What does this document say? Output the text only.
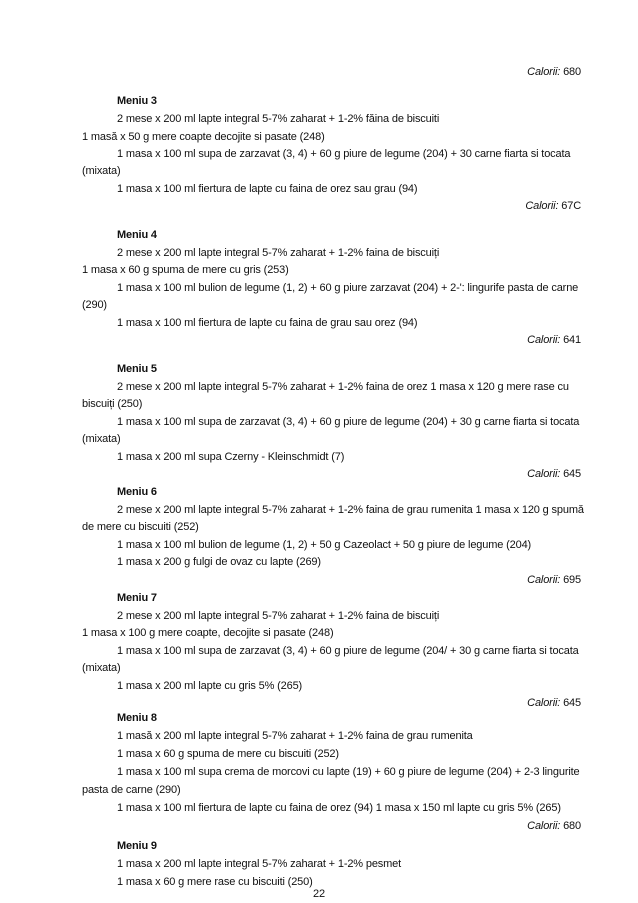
Calorii: 680
Meniu 3
2 mese x 200 ml lapte integral 5-7% zaharat + 1-2% făina de biscuiti
1 masă x 50 g mere coapte decojite si pasate (248)
1 masa x 100 ml supa de zarzavat (3, 4) + 60 g piure de legume (204) + 30 carne fiarta si tocata
(mixata)
1 masa x 100 ml fiertura de lapte cu faina de orez sau grau (94)
Calorii: 67C
Meniu 4
2 mese x 200 ml lapte integral 5-7% zaharat + 1-2% faina de biscuiți
1 masa x 60 g spuma de mere cu gris (253)
1 masa x 100 ml bulion de legume (1, 2) + 60 g piure zarzavat (204) + 2-': lingurife pasta de carne
(290)
1 masa x 100 ml fiertura de lapte cu faina de grau sau orez (94)
Calorii: 641
Meniu 5
2 mese x 200 ml lapte integral 5-7% zaharat + 1-2% faina de orez 1 masa x 120 g mere rase cu
biscuiți (250)
1 masa x 100 ml supa de zarzavat (3, 4) + 60 g piure de legume (204) + 30 g carne fiarta si tocata
(mixata)
1 masa x 200 ml supa Czerny - Kleinschmidt (7)
Calorii: 645
Meniu 6
2 mese x 200 ml lapte integral 5-7% zaharat + 1-2% faina de grau rumenita 1 masa x 120 g spumă
de mere cu biscuiti (252)
1 masa x 100 ml bulion de legume (1, 2) + 50 g Cazeolact + 50 g piure de legume (204)
1 masa x 200 g fulgi de ovaz cu lapte (269)
Calorii: 695
Meniu 7
2 mese x 200 ml lapte integral 5-7% zaharat + 1-2% faina de biscuiți
1 masa x 100 g mere coapte, decojite si pasate (248)
1 masa x 100 ml supa de zarzavat (3, 4) + 60 g piure de legume (204/ + 30 g carne fiarta si tocata
(mixata)
1 masa x 200 ml lapte cu gris 5% (265)
Calorii: 645
Meniu 8
1 masă x 200 ml lapte integral 5-7% zaharat + 1-2% faina de grau rumenita
1 masa x 60 g spuma de mere cu biscuiti (252)
1 masa x 100 ml supa crema de morcovi cu lapte (19) + 60 g piure de legume (204) + 2-3 lingurite
pasta de carne (290)
1 masa x 100 ml fiertura de lapte cu faina de orez (94) 1 masa x 150 ml lapte cu gris 5% (265)
Calorii: 680
Meniu 9
1 masa x 200 ml lapte integral 5-7% zaharat + 1-2% pesmet
1 masa x 60 g mere rase cu biscuiti (250)
22
